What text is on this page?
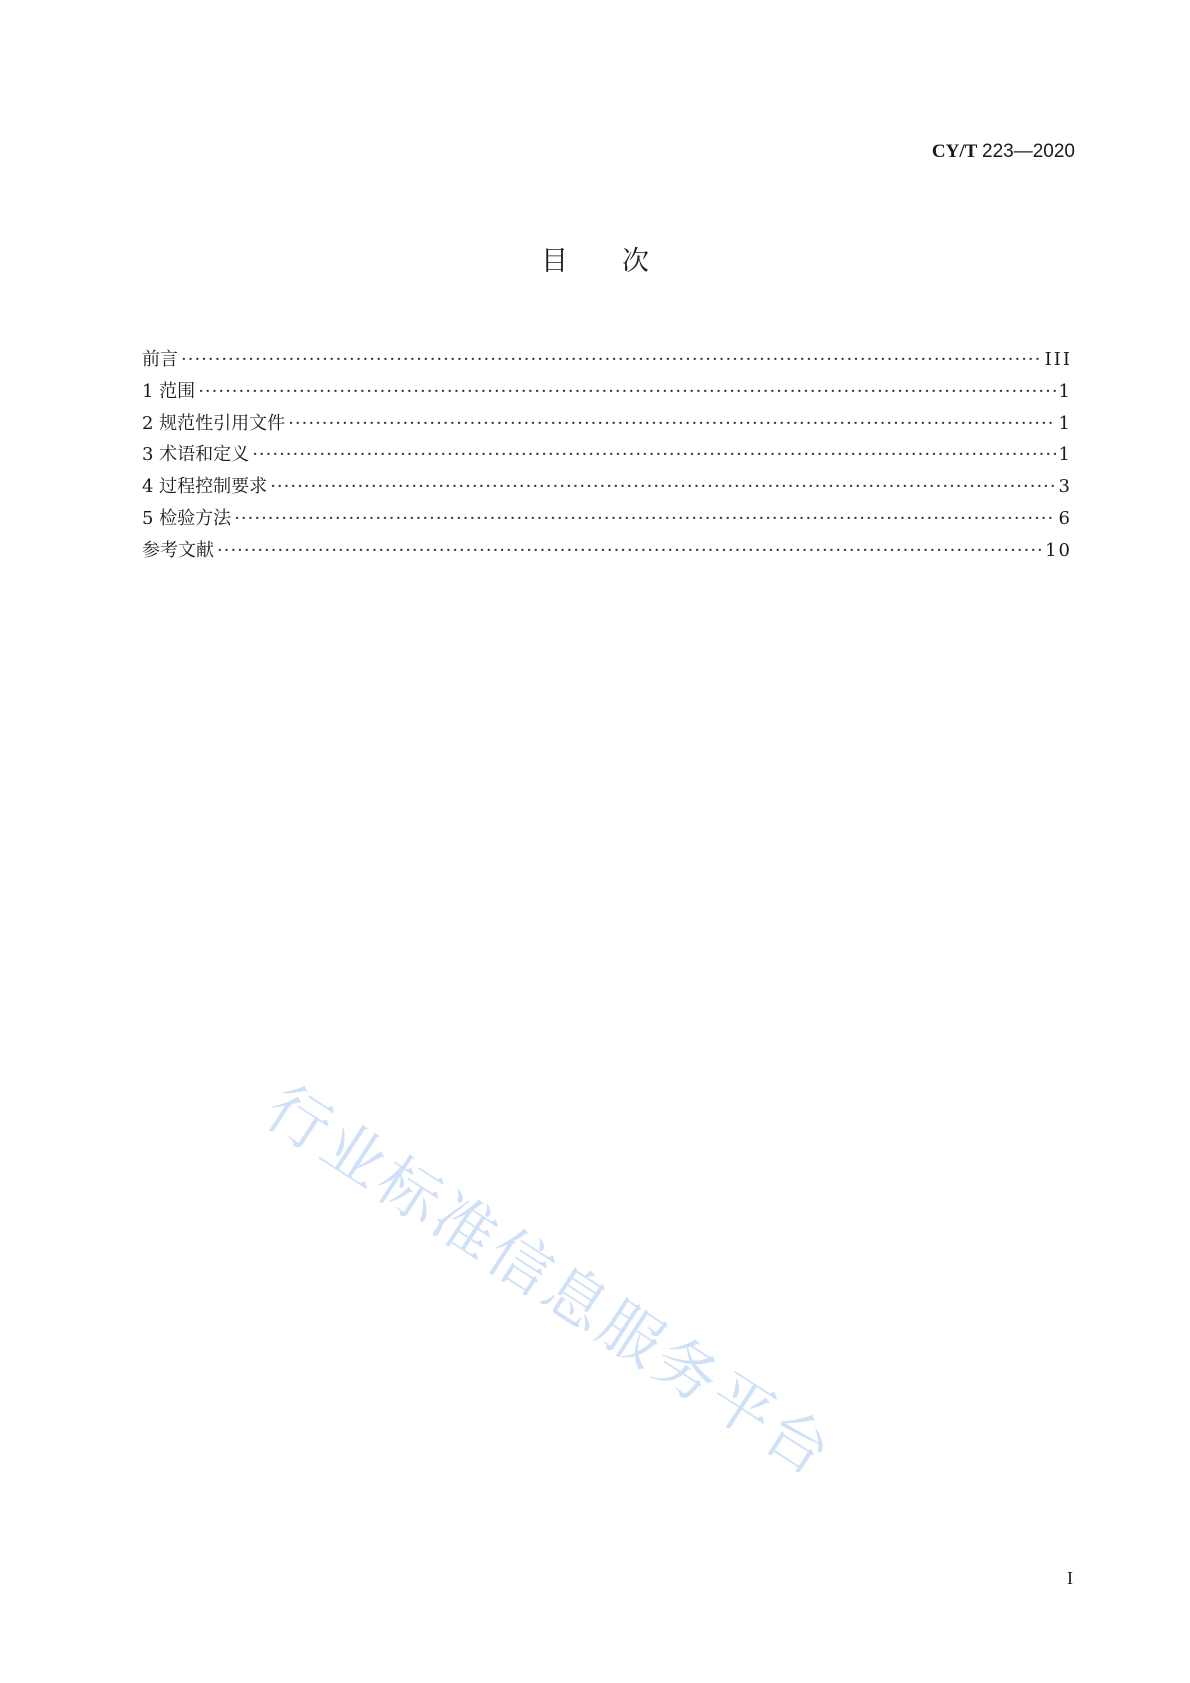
CY/T 223—2020
目次
前言 ·····	III
1 范围 ·····	1
2 规范性引用文件 ·····	1
3 术语和定义 ·····	1
4 过程控制要求 ·····	3
5 检验方法 ·····	6
参考文献 ·····	10
行业标准信息服务平台
I
